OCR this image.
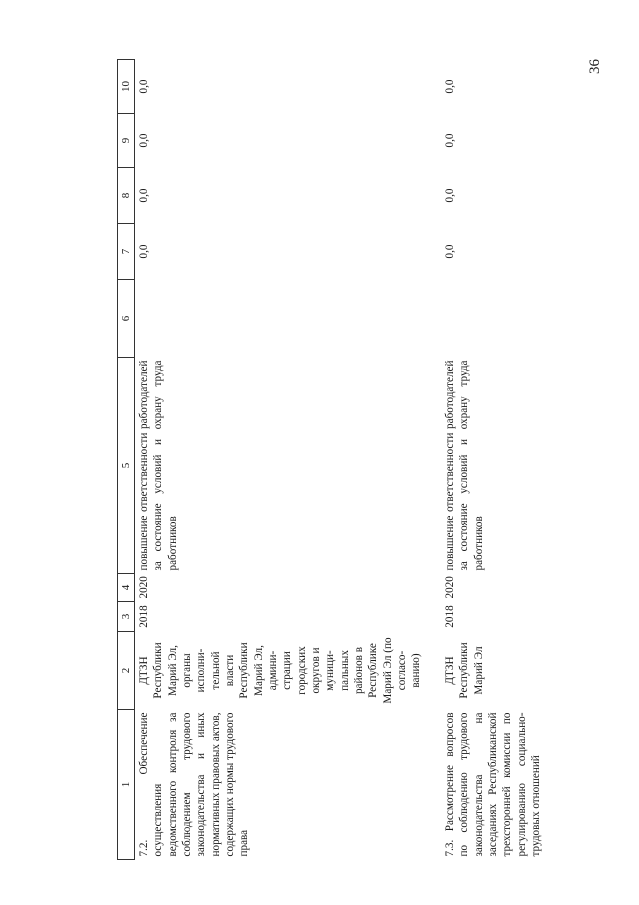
36
1	2	3	4	5	6	7	8	9	10
7.2. Обеспечение осуществления ведомственного контроля за соблюдением трудового законодательства и иных нормативных правовых актов, содержащих нормы трудового права	ДТЗН Республики Марий Эл, органы исполни-тельной власти Республики Марий Эл, админи-страции городских округов и муници-пальных районов в Республике Марий Эл (по согласо-ванию)	2018	2020	повышение ответственности работодателей за состояние условий и охрану труда работников		0,0	0,0	0,0	0,0
7.3. Рассмотрение вопросов по соблюдению трудового законодательства на заседаниях Республиканской трехсторонней комиссии по регулированию социально-трудовых отношений	ДТЗН Республики Марий Эл	2018	2020	повышение ответственности работодателей за состояние условий и охрану труда работников		0,0	0,0	0,0	0,0
